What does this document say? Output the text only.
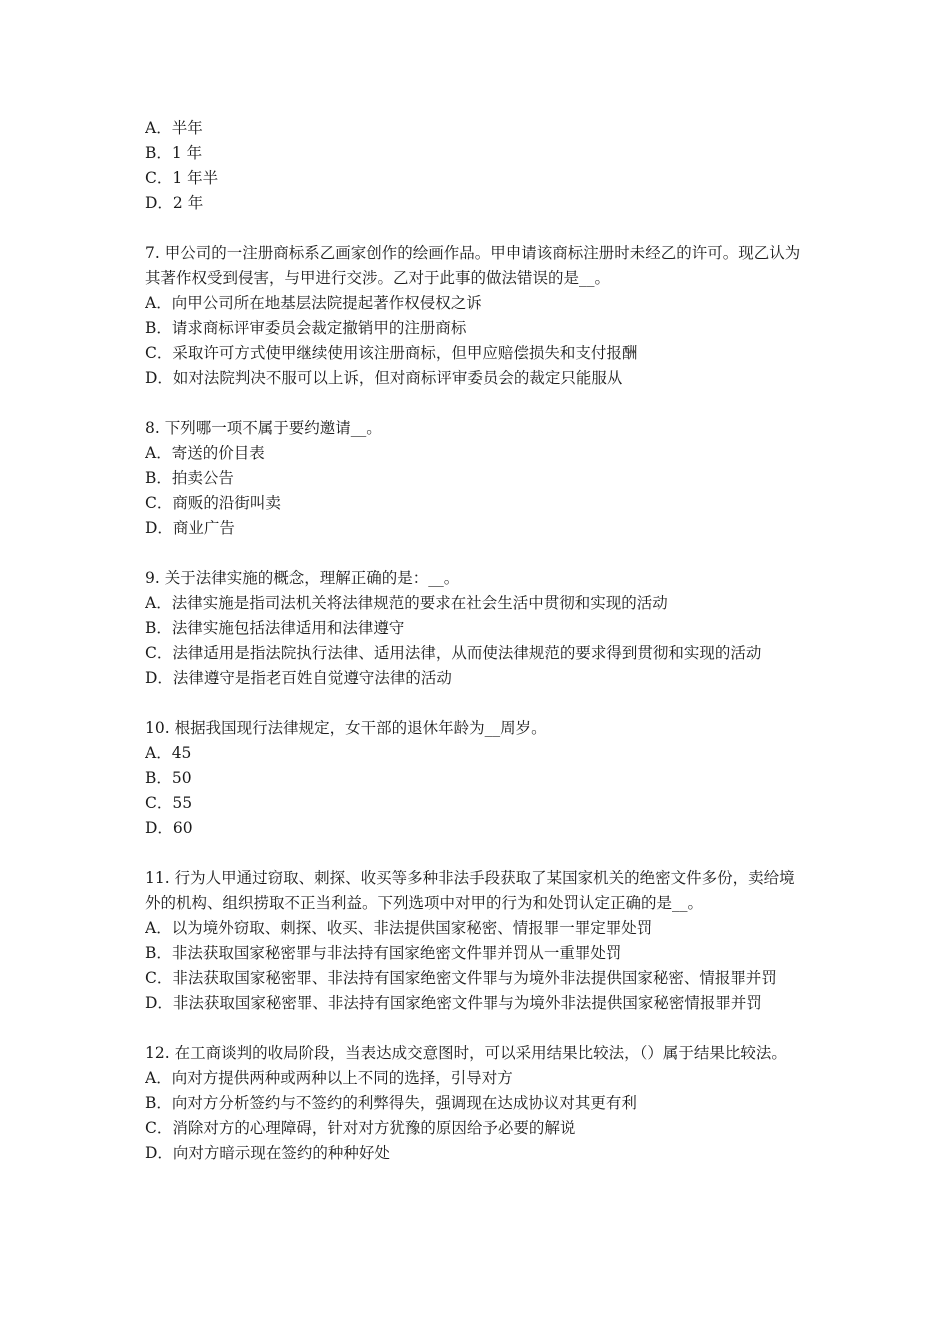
A．半年
B．1 年
C．1 年半
D．2 年
7. 甲公司的一注册商标系乙画家创作的绘画作品。甲申请该商标注册时未经乙的许可。现乙认为其著作权受到侵害，与甲进行交涉。乙对于此事的做法错误的是__。
A．向甲公司所在地基层法院提起著作权侵权之诉
B．请求商标评审委员会裁定撤销甲的注册商标
C．采取许可方式使甲继续使用该注册商标，但甲应赔偿损失和支付报酬
D．如对法院判决不服可以上诉，但对商标评审委员会的裁定只能服从
8. 下列哪一项不属于要约邀请__。
A．寄送的价目表
B．拍卖公告
C．商贩的沿街叫卖
D．商业广告
9. 关于法律实施的概念，理解正确的是：__。
A．法律实施是指司法机关将法律规范的要求在社会生活中贯彻和实现的活动
B．法律实施包括法律适用和法律遵守
C．法律适用是指法院执行法律、适用法律，从而使法律规范的要求得到贯彻和实现的活动
D．法律遵守是指老百姓自觉遵守法律的活动
10. 根据我国现行法律规定，女干部的退休年龄为__周岁。
A．45
B．50
C．55
D．60
11. 行为人甲通过窃取、刺探、收买等多种非法手段获取了某国家机关的绝密文件多份，卖给境外的机构、组织捞取不正当利益。下列选项中对甲的行为和处罚认定正确的是__。
A．以为境外窃取、刺探、收买、非法提供国家秘密、情报罪一罪定罪处罚
B．非法获取国家秘密罪与非法持有国家绝密文件罪并罚从一重罪处罚
C．非法获取国家秘密罪、非法持有国家绝密文件罪与为境外非法提供国家秘密、情报罪并罚
D．非法获取国家秘密罪、非法持有国家绝密文件罪与为境外非法提供国家秘密情报罪并罚
12. 在工商谈判的收局阶段，当表达成交意图时，可以采用结果比较法，（）属于结果比较法。
A．向对方提供两种或两种以上不同的选择，引导对方
B．向对方分析签约与不签约的利弊得失，强调现在达成协议对其更有利
C．消除对方的心理障碍，针对对方犹豫的原因给予必要的解说
D．向对方暗示现在签约的种种好处
